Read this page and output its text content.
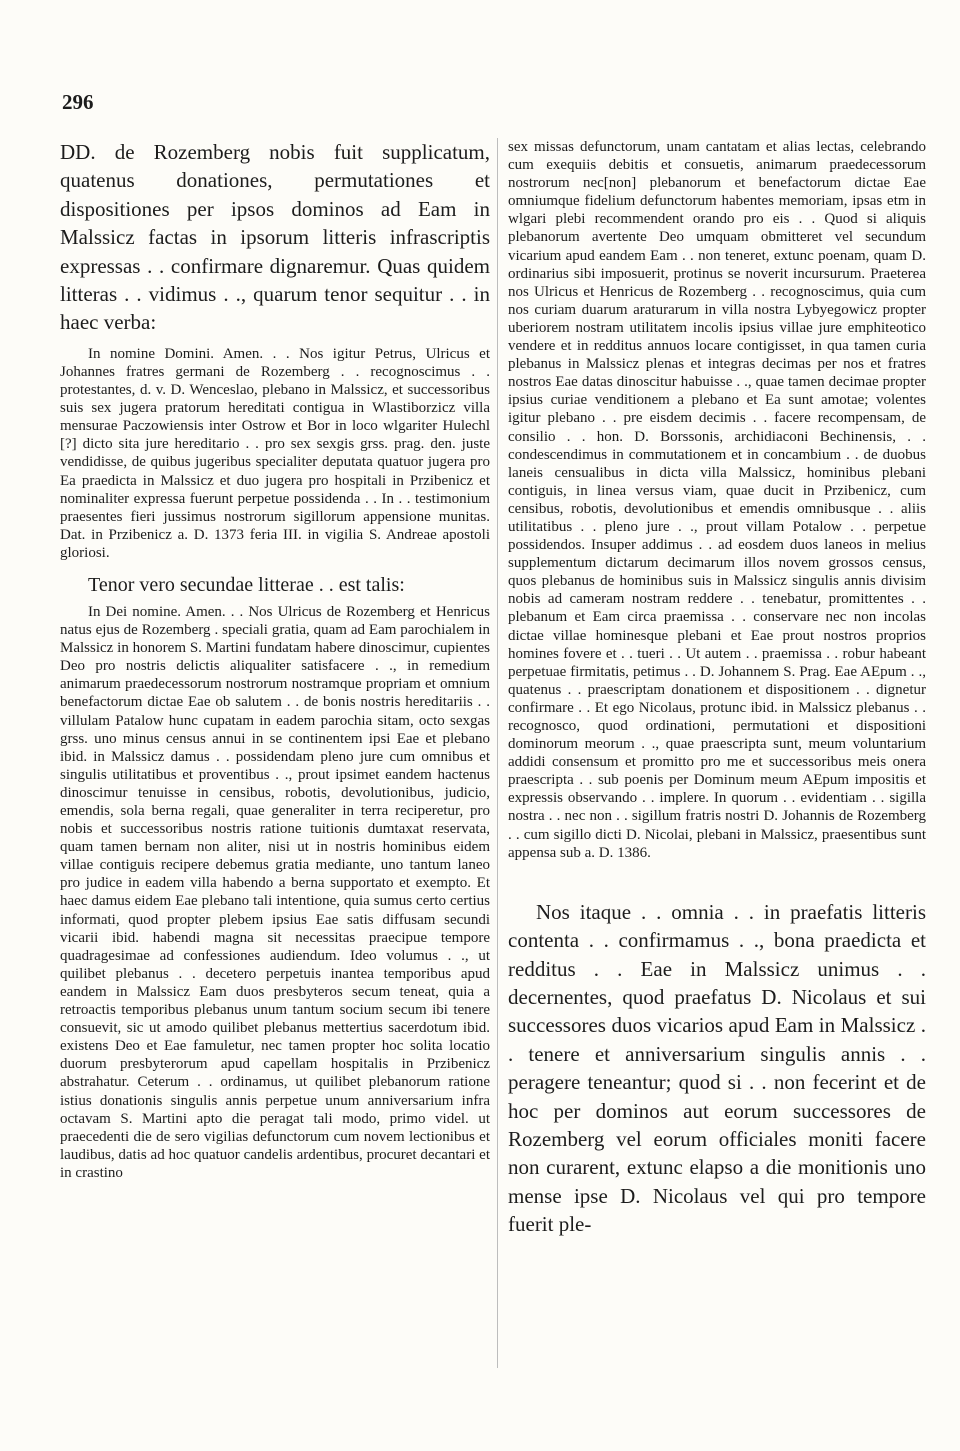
296

DD. de Rozemberg nobis fuit supplicatum, quatenus donationes, permutationes et dispositiones per ipsos dominos ad Eam in Malssicz factas in ipsorum litteris infrascriptis expressas . . confirmare dignaremur. Quas quidem litteras . . vidimus . ., quarum tenor sequitur . . in haec verba:

In nomine Domini. Amen. . . Nos igitur Petrus, Ulricus et Johannes fratres germani de Rozemberg . . recognoscimus . . protestantes, d. v. D. Wenceslao, plebano in Malssicz, et successoribus suis sex jugera pratorum hereditati contigua in Wlastiborzicz villa mensurae Paczowiensis inter Ostrow et Bor in loco wlgariter Hulechl [?] dicto sita jure hereditario . . pro sex sexgis grss. prag. den. juste vendidisse, de quibus jugeribus specialiter deputata quatuor jugera pro Ea praedicta in Malssicz et duo jugera pro hospitali in Przibenicz et nominaliter expressa fuerunt perpetue possidenda . . In . . testimonium praesentes fieri jussimus nostrorum sigillorum appensione munitas. Dat. in Przibenicz a. D. 1373 feria III. in vigilia S. Andreae apostoli gloriosi.

Tenor vero secundae litterae . . est talis:

In Dei nomine. Amen. . . Nos Ulricus de Rozemberg et Henricus natus ejus de Rozemberg . speciali gratia, quam ad Eam parochialem in Malssicz in honorem S. Martini fundatam habere dinoscimur, cupientes Deo pro nostris delictis aliqualiter satisfacere . ., in remedium animarum praedecessorum nostrorum nostramque propriam et omnium benefactorum dictae Eae ob salutem . . de bonis nostris hereditariis . . villulam Patalow hunc cupatam in eadem parochia sitam, octo sexgas grss. uno minus census annui in se continentem ipsi Eae et plebano ibid. in Malssicz damus . . possidendam pleno jure cum omnibus et singulis utilitatibus et proventibus . ., prout ipsimet eandem hactenus dinoscimur tenuisse in censibus, robotis, devolutionibus, judicio, emendis, sola berna regali, quae generaliter in terra reciperetur, pro nobis et successoribus nostris ratione tuitionis dumtaxat reservata, quam tamen bernam non aliter, nisi ut in nostris hominibus eidem villae contiguis recipere debemus gratia mediante, uno tantum laneo pro judice in eadem villa habendo a berna supportato et exempto. Et haec damus eidem Eae plebano tali intentione, quia sumus certo certius informati, quod propter plebem ipsius Eae satis diffusam secundi vicarii ibid. habendi magna sit necessitas praecipue tempore quadragesimae ad confessiones audiendum. Ideo volumus . ., ut quilibet plebanus . . decetero perpetuis inantea temporibus apud eandem in Malssicz Eam duos presbyteros secum teneat, quia a retroactis temporibus plebanus unum tantum socium secum ibi tenere consuevit, sic ut amodo quilibet plebanus mettertius sacerdotum ibid. existens Deo et Eae famuletur, nec tamen propter hoc solita locatio duorum presbyterorum apud capellam hospitalis in Przibenicz abstrahatur. Ceterum . . ordinamus, ut quilibet plebanorum ratione istius donationis singulis annis perpetue unum anniversarium infra octavam S. Martini apto die peragat tali modo, primo videl. ut praecedenti die de sero vigilias defunctorum cum novem lectionibus et laudibus, datis ad hoc quatuor candelis ardentibus, procuret decantari et in crastino

sex missas defunctorum, unam cantatam et alias lectas, celebrando cum exequiis debitis et consuetis, animarum praedecessorum nostrorum nec[non] plebanorum et benefactorum dictae Eae omniumque fidelium defunctorum habentes memoriam, ipsas etm in wlgari plebi recommendent orando pro eis . . Quod si aliquis plebanorum avertente Deo umquam obmitteret vel secundum vicarium apud eandem Eam . . non teneret, extunc poenam, quam D. ordinarius sibi imposuerit, protinus se noverit incursurum. Praeterea nos Ulricus et Henricus de Rozemberg . . recognoscimus, quia cum nos curiam duarum araturarum in villa nostra Lybyegowicz propter uberiorem nostram utilitatem incolis ipsius villae jure emphiteotico vendere et in redditus annuos locare contigisset, in qua tamen curia plebanus in Malssicz plenas et integras decimas per nos et fratres nostros Eae datas dinoscitur habuisse . ., quae tamen decimae propter ipsius curiae venditionem a plebano et Ea sunt amotae; volentes igitur plebano . . pre eisdem decimis . . facere recompensam, de consilio . . hon. D. Borssonis, archidiaconi Bechinensis, . . condescendimus in commutationem et in concambium . . de duobus laneis censualibus in dicta villa Malssicz, hominibus plebani contiguis, in linea versus viam, quae ducit in Przibenicz, cum censibus, robotis, devolutionibus et emendis omnibusque . . aliis utilitatibus . . pleno jure . ., prout villam Potalow . . perpetue possidendos. Insuper addimus . . ad eosdem duos laneos in melius supplementum dictarum decimarum illos novem grossos census, quos plebanus de hominibus suis in Malssicz singulis annis divisim nobis ad cameram nostram reddere . . tenebatur, promittentes . . plebanum et Eam circa praemissa . . conservare nec non incolas dictae villae hominesque plebani et Eae prout nostros proprios homines fovere et . . tueri . . Ut autem . . praemissa . . robur habeant perpetuae firmitatis, petimus . . D. Johannem S. Prag. Eae AEpum . ., quatenus . . praescriptam donationem et dispositionem . . dignetur confirmare . . Et ego Nicolaus, protunc ibid. in Malssicz plebanus . . recognosco, quod ordinationi, permutationi et dispositioni dominorum meorum . ., quae praescripta sunt, meum voluntarium addidi consensum et promitto pro me et successoribus meis onera praescripta . . sub poenis per Dominum meum AEpum impositis et expressis observando . . implere. In quorum . . evidentiam . . sigilla nostra . . nec non . . sigillum fratris nostri D. Johannis de Rozemberg . . cum sigillo dicti D. Nicolai, plebani in Malssicz, praesentibus sunt appensa sub a. D. 1386.

Nos itaque . . omnia . . in praefatis litteris contenta . . confirmamus . ., bona praedicta et redditus . . Eae in Malssicz unimus . . decernentes, quod praefatus D. Nicolaus et sui successores duos vicarios apud Eam in Malssicz . . tenere et anniversarium singulis annis . . peragere teneantur; quod si . . non fecerint et de hoc per dominos aut eorum successores de Rozemberg vel eorum officiales moniti facere non curarent, extunc elapso a die monitionis uno mense ipse D. Nicolaus vel qui pro tempore fuerit ple-
